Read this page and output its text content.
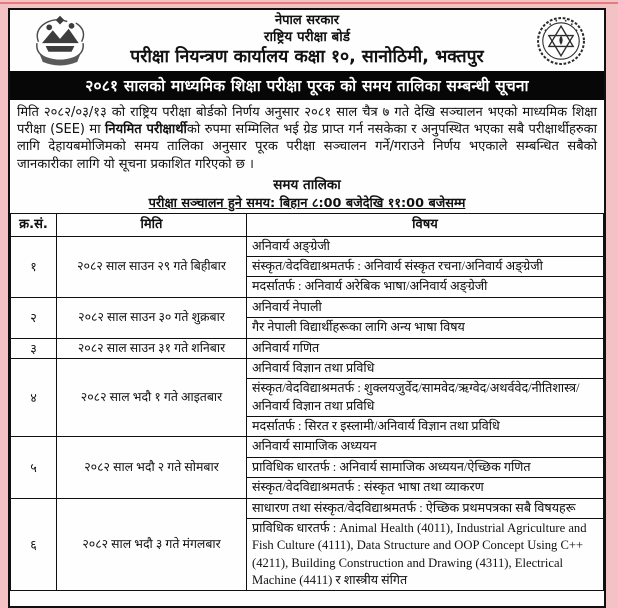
नेपाल सरकार
राष्ट्रिय परीक्षा बोर्ड
परीक्षा नियन्त्रण कार्यालय कक्षा १०, सानोठिमी, भक्तपुर
२०८१ सालको माध्यमिक शिक्षा परीक्षा पूरक को समय तालिका सम्बन्धी सूचना
मिति २०८२/०३/१३ को राष्ट्रिय परीक्षा बोर्डको निर्णय अनुसार २०८१ साल चैत्र ७ गते देखि सञ्चालन भएको माध्यमिक शिक्षा परीक्षा (SEE) मा नियमित परीक्षार्थीको रुपमा सम्मिलित भई ग्रेड प्राप्त गर्न नसकेका र अनुपस्थित भएका सबै परीक्षार्थीहरुका लागि देहायबमोजिमको समय तालिका अनुसार पूरक परीक्षा सञ्चालन गर्ने/गराउने निर्णय भएकाले सम्बन्धित सबैको जानकारीका लागि यो सूचना प्रकाशित गरिएको छ ।
समय तालिका
परीक्षा सञ्चालन हुने समय: बिहान ८:00 बजेदेखि ११:00 बजेसम्म
क्र.सं.	मिति	विषय
१	२०८२ साल साउन २९ गते बिहीबार	अनिवार्य अङ्ग्रेजी
		संस्कृत/वेदविद्याश्रमतर्फ : अनिवार्य संस्कृत रचना/अनिवार्य अङ्ग्रेजी
		मदर्सातर्फ : अनिवार्य अरेबिक भाषा/अनिवार्य अङ्ग्रेजी
२	२०८२ साल साउन ३० गते शुक्रबार	अनिवार्य नेपाली
		गैर नेपाली विद्यार्थीहरूका लागि अन्य भाषा विषय
३	२०८२ साल साउन ३१ गते शनिबार	अनिवार्य गणित
४	२०८२ साल भदौ १ गते आइतबार	अनिवार्य विज्ञान तथा प्रविधि
		संस्कृत/वेदविद्याश्रमतर्फ : शुक्लयजुर्वेद/सामवेद/ऋग्वेद/अथर्ववेद/नीतिशास्त्र/अनिवार्य विज्ञान तथा प्रविधि
		मदर्सातर्फ : सिरत र इस्लामी/अनिवार्य विज्ञान तथा प्रविधि
५	२०८२ साल भदौ २ गते सोमबार	अनिवार्य सामाजिक अध्ययन
		प्राविधिक धारतर्फ : अनिवार्य सामाजिक अध्ययन/ऐच्छिक गणित
		संस्कृत/वेदविद्याश्रमतर्फ : संस्कृत भाषा तथा व्याकरण
६	२०८२ साल भदौ ३ गते मंगलबार	साधारण तथा संस्कृत/वेदविद्याश्रमतर्फ : ऐच्छिक प्रथमपत्रका सबै विषयहरू
		प्राविधिक धारतर्फ : Animal Health (4011), Industrial Agriculture and Fish Culture (4111), Data Structure and OOP Concept Using C++ (4211), Building Construction and Drawing (4311), Electrical Machine (4411) र शास्त्रीय संगित
